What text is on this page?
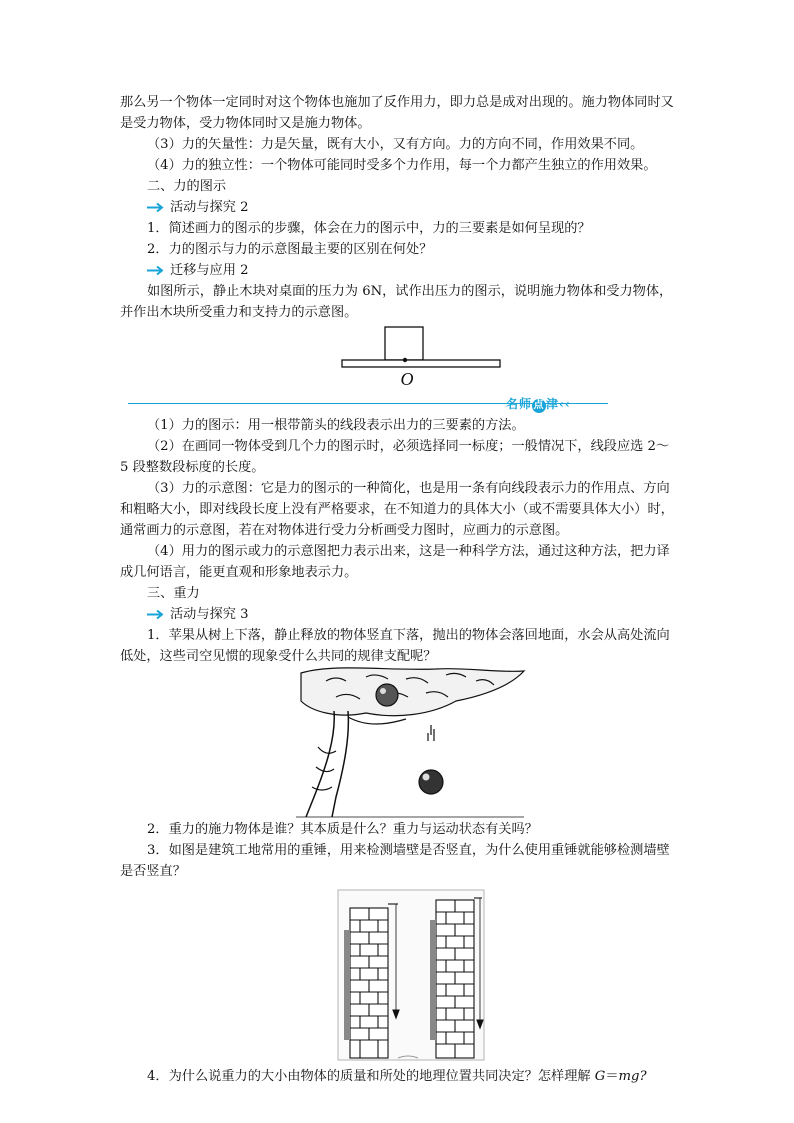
那么另一个物体一定同时对这个物体也施加了反作用力，即力总是成对出现的。施力物体同时又是受力物体，受力物体同时又是施力物体。

（3）力的矢量性：力是矢量，既有大小，又有方向。力的方向不同，作用效果不同。

（4）力的独立性：一个物体可能同时受多个力作用，每一个力都产生独立的作用效果。

二、力的图示

活动与探究 2

1．简述画力的图示的步骤，体会在力的图示中，力的三要素是如何呈现的？

2．力的图示与力的示意图最主要的区别在何处？

迁移与应用 2

如图所示，静止木块对桌面的压力为 6N，试作出压力的图示，说明施力物体和受力物体，并作出木块所受重力和支持力的示意图。

O
名师 点 津‹‹

（1）力的图示：用一根带箭头的线段表示出力的三要素的方法。

（2）在画同一物体受到几个力的图示时，必须选择同一标度；一般情况下，线段应选 2～5 段整数段标度的长度。

（3）力的示意图：它是力的图示的一种简化，也是用一条有向线段表示力的作用点、方向和粗略大小，即对线段长度上没有严格要求，在不知道力的具体大小（或不需要具体大小）时，通常画力的示意图，若在对物体进行受力分析画受力图时，应画力的示意图。

（4）用力的图示或力的示意图把力表示出来，这是一种科学方法，通过这种方法，把力译成几何语言，能更直观和形象地表示力。

三、重力

活动与探究 3

1．苹果从树上下落，静止释放的物体竖直下落，抛出的物体会落回地面，水会从高处流向低处，这些司空见惯的现象受什么共同的规律支配呢？

2．重力的施力物体是谁？其本质是什么？重力与运动状态有关吗？

3．如图是建筑工地常用的重锤，用来检测墙壁是否竖直，为什么使用重锤就能够检测墙壁是否竖直？

4．为什么说重力的大小由物体的质量和所处的地理位置共同决定？怎样理解 G＝mg?
